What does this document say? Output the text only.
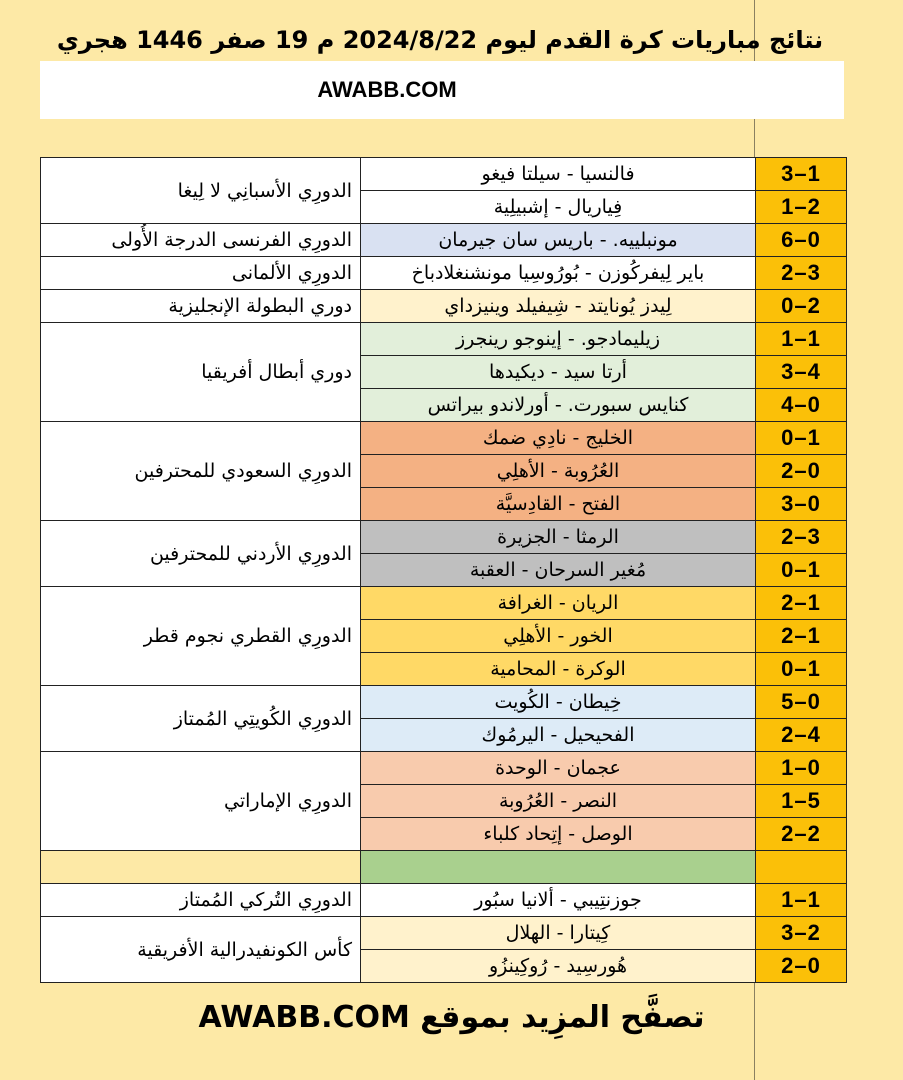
نتائج مباريات كرة القدم ليوم 2024/8/22 م 19 صفر 1446 هجري
AWABB.COM
الدورِي الأسبانِي لا لِيغا	فالنسيا - سيلتا فيغو	3–1
	فِياريال - إشبيلِية	1–2
الدورِي الفرنسى الدرجة الأُولى	مونبلييه. - باريس سان جيرمان	6–0
الدورِي الألمانى	باير لِيفركُوزن - بُورُوسِيا مونشنغلادباخ	2–3
دوري البطولة الإنجليزية	لِيدز يُونايتد - شِيفيلد وينيزداي	0–2
دوري أبطال أفريقيا	زيليمادجو. - إينوجو رينجرز	1–1
	أرتا سيد - ديكيدها	3–4
	كنايس سبورت. - أورلاندو بيراتس	4–0
الدورِي السعودي للمحترفين	الخليج - نادِي ضمك	0–1
	العُرُوبة - الأهلِي	2–0
	الفتح - القادِسيَّة	3–0
الدورِي الأردني للمحترفين	الرمثا - الجزيرة	2–3
	مُغير السرحان - العقبة	0–1
الدورِي القطري نجوم قطر	الريان - الغرافة	2–1
	الخور - الأهلِي	2–1
	الوكرة - المحامية	0–1
الدورِي الكُويتِي المُمتاز	خِيطان - الكُويت	5–0
	الفحيحيل - اليرمُوك	2–4
الدورِي الإماراتي	عجمان - الوحدة	1–0
	النصر - العُرُوبة	1–5
	الوصل - إتِحاد كلباء	2–2

الدورِي التُركي المُمتاز	جوزنتِيبي - ألانيا سبُور	1–1
كأس الكونفيدرالية الأفريقية	كِيتارا - الهلال	3–2
	هُورسِيد - رُوكِينزُو	2–0
تصفَّح المزِيد بموقع AWABB.COM
